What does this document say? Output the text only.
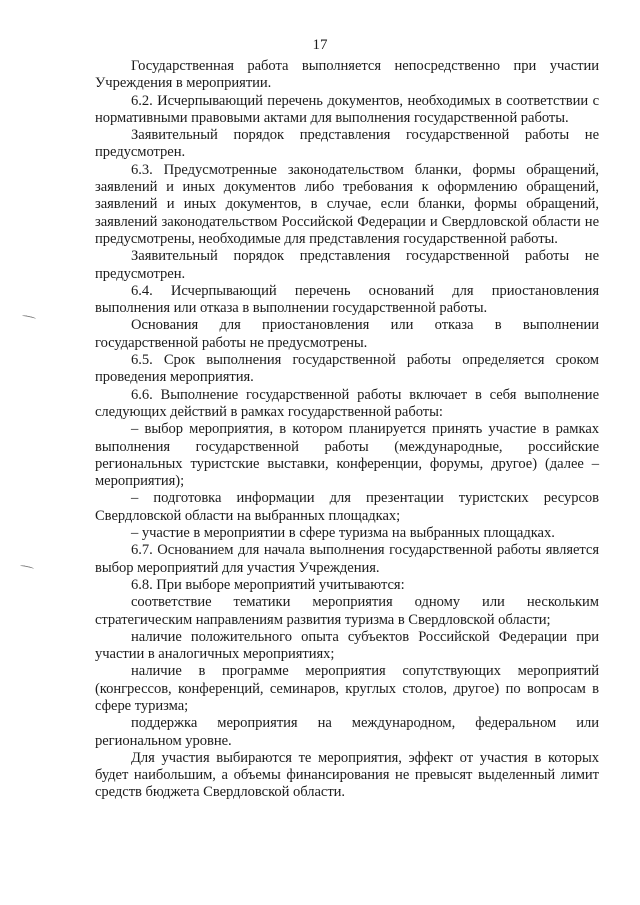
17

Государственная работа выполняется непосредственно при участии Учреждения в мероприятии.

6.2. Исчерпывающий перечень документов, необходимых в соответствии с нормативными правовыми актами для выполнения государственной работы.

Заявительный порядок представления государственной работы не предусмотрен.

6.3. Предусмотренные законодательством бланки, формы обращений, заявлений и иных документов либо требования к оформлению обращений, заявлений и иных документов, в случае, если бланки, формы обращений, заявлений законодательством Российской Федерации и Свердловской области не предусмотрены, необходимые для представления государственной работы.

Заявительный порядок представления государственной работы не предусмотрен.

6.4. Исчерпывающий перечень оснований для приостановления выполнения или отказа в выполнении государственной работы.

Основания для приостановления или отказа в выполнении государственной работы не предусмотрены.

6.5. Срок выполнения государственной работы определяется сроком проведения мероприятия.

6.6. Выполнение государственной работы включает в себя выполнение следующих действий в рамках государственной работы:

– выбор мероприятия, в котором планируется принять участие в рамках выполнения государственной работы (международные, российские региональных туристские выставки, конференции, форумы, другое) (далее – мероприятия);

– подготовка информации для презентации туристских ресурсов Свердловской области на выбранных площадках;

– участие в мероприятии в сфере туризма на выбранных площадках.

6.7. Основанием для начала выполнения государственной работы является выбор мероприятий для участия Учреждения.

6.8. При выборе мероприятий учитываются:

соответствие тематики мероприятия одному или нескольким стратегическим направлениям развития туризма в Свердловской области;

наличие положительного опыта субъектов Российской Федерации при участии в аналогичных мероприятиях;

наличие в программе мероприятия сопутствующих мероприятий (конгрессов, конференций, семинаров, круглых столов, другое) по вопросам в сфере туризма;

поддержка мероприятия на международном, федеральном или региональном уровне.

Для участия выбираются те мероприятия, эффект от участия в которых будет наибольшим, а объемы финансирования не превысят выделенный лимит средств бюджета Свердловской области.
